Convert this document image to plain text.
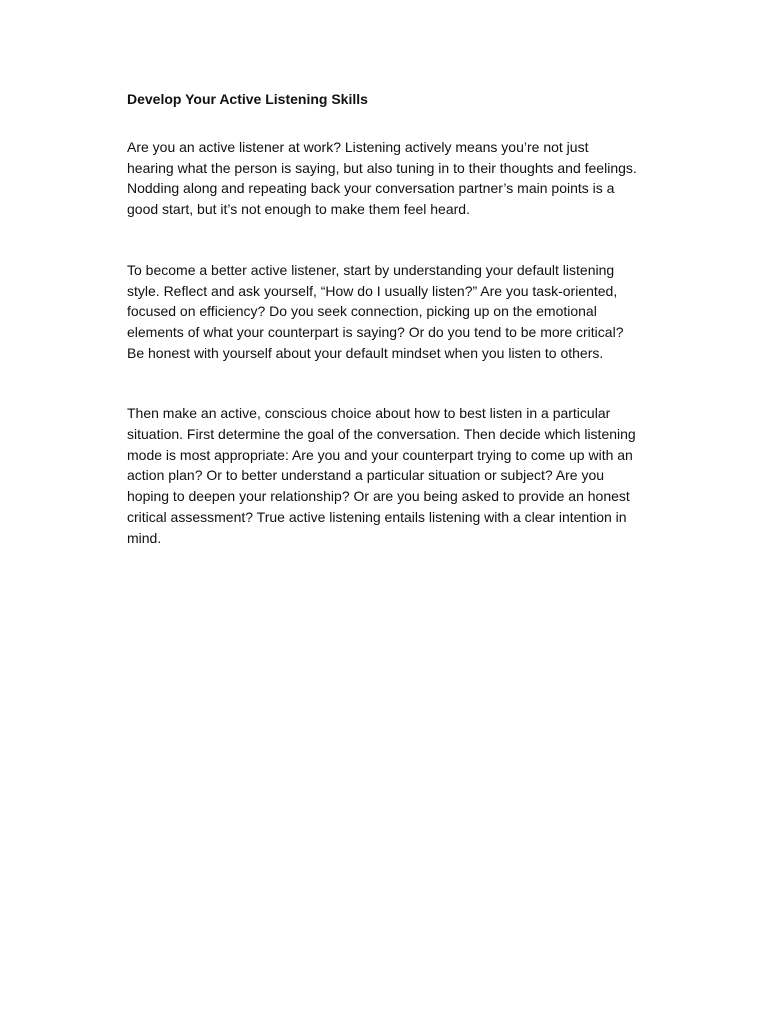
Develop Your Active Listening Skills

Are you an active listener at work? Listening actively means you’re not just hearing what the person is saying, but also tuning in to their thoughts and feelings. Nodding along and repeating back your conversation partner’s main points is a good start, but it’s not enough to make them feel heard.

To become a better active listener, start by understanding your default listening style. Reflect and ask yourself, “How do I usually listen?” Are you task-oriented, focused on efficiency? Do you seek connection, picking up on the emotional elements of what your counterpart is saying? Or do you tend to be more critical? Be honest with yourself about your default mindset when you listen to others.

Then make an active, conscious choice about how to best listen in a particular situation. First determine the goal of the conversation. Then decide which listening mode is most appropriate: Are you and your counterpart trying to come up with an action plan? Or to better understand a particular situation or subject? Are you hoping to deepen your relationship? Or are you being asked to provide an honest critical assessment? True active listening entails listening with a clear intention in mind.
